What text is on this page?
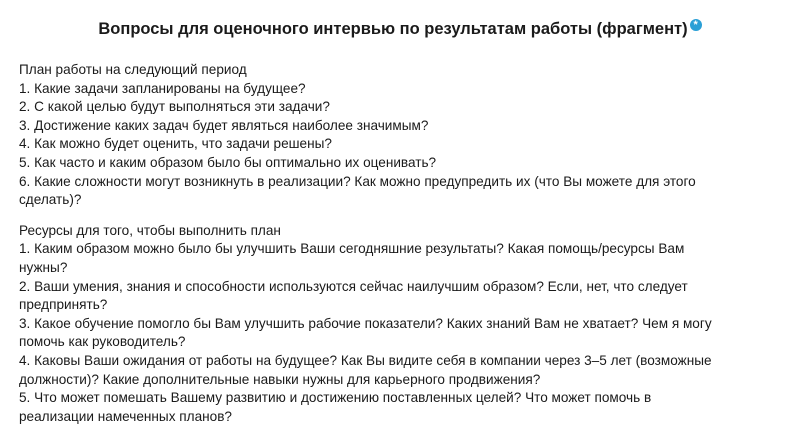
Вопросы для оценочного интервью по результатам работы (фрагмент) *
План работы на следующий период
1. Какие задачи запланированы на будущее?
2. С какой целью будут выполняться эти задачи?
3. Достижение каких задач будет являться наиболее значимым?
4. Как можно будет оценить, что задачи решены?
5. Как часто и каким образом было бы оптимально их оценивать?
6. Какие сложности могут возникнуть в реализации? Как можно предупредить их (что Вы можете для этого сделать)?
Ресурсы для того, чтобы выполнить план
1. Каким образом можно было бы улучшить Ваши сегодняшние результаты? Какая помощь/ресурсы Вам нужны?
2. Ваши умения, знания и способности используются сейчас наилучшим образом? Если, нет, что следует предпринять?
3. Какое обучение помогло бы Вам улучшить рабочие показатели? Каких знаний Вам не хватает? Чем я могу помочь как руководитель?
4. Каковы Ваши ожидания от работы на будущее? Как Вы видите себя в компании через 3–5 лет (возможные должности)? Какие дополнительные навыки нужны для карьерного продвижения?
5. Что может помешать Вашему развитию и достижению поставленных целей? Что может помочь в реализации намеченных планов?
